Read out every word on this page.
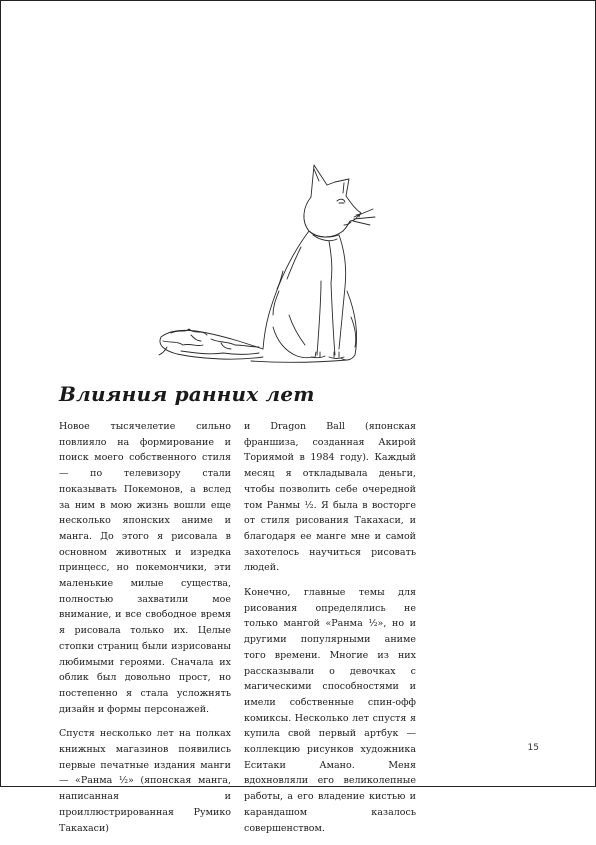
Влияния ранних лет

Новое тысячелетие сильно повлияло на формирование и поиск моего собственного стиля — по телевизору стали показывать Покемонов, а вслед за ним в мою жизнь вошли еще несколько японских аниме и манга. До этого я рисовала в основном животных и изредка принцесс, но покемончики, эти маленькие милые существа, полностью захватили мое внимание, и все свободное время я рисовала только их. Целые стопки страниц были изрисованы любимыми героями. Сначала их облик был довольно прост, но постепенно я стала усложнять дизайн и формы персонажей.

Спустя несколько лет на полках книжных магазинов появились первые печатные издания манги — «Ранма ½» (японская манга, написанная и проиллюстрированная Румико Такахаси)

и Dragon Ball (японская франшиза, созданная Акирой Ториямой в 1984 году). Каждый месяц я откладывала деньги, чтобы позволить себе очередной том Ранмы ½. Я была в восторге от стиля рисования Такахаси, и благодаря ее манге мне и самой захотелось научиться рисовать людей.

Конечно, главные темы для рисования определялись не только мангой «Ранма ½», но и другими популярными аниме того времени. Многие из них рассказывали о девочках с магическими способностями и имели собственные спин-офф комиксы. Несколько лет спустя я купила свой первый артбук — коллекцию рисунков художника Еситаки Амано. Меня вдохновляли его великолепные работы, а его владение кистью и карандашом казалось совершенством.

15
